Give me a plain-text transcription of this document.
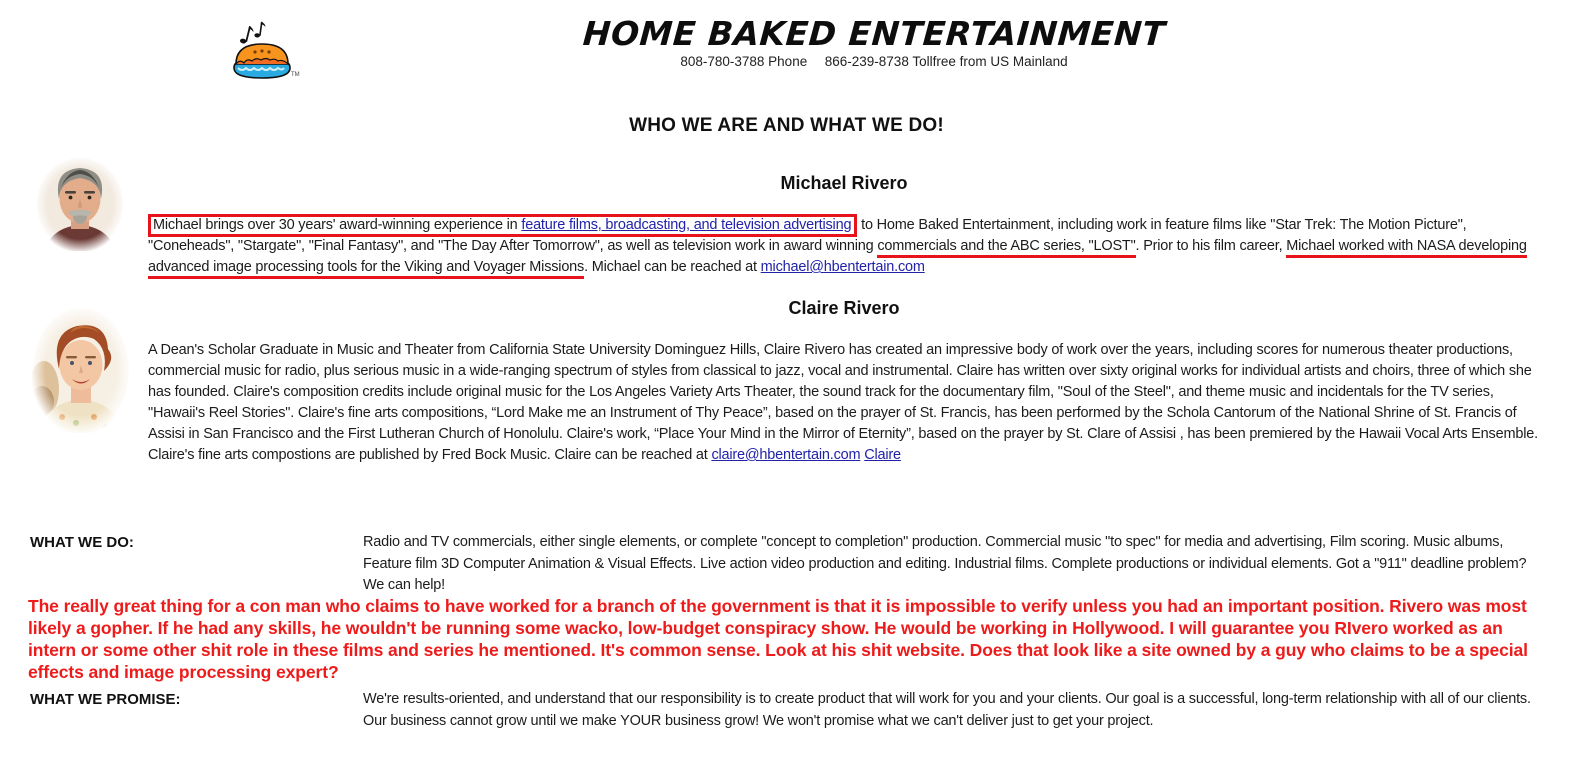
TM
HOME BAKED ENTERTAINMENT
808-780-3788 Phone 866-239-8738 Tollfree from US Mainland
WHO WE ARE AND WHAT WE DO!
Michael Rivero

Michael brings over 30 years' award-winning experience in feature films, broadcasting, and television advertising to Home Baked Entertainment, including work in feature films like "Star Trek: The Motion Picture", "Coneheads", "Stargate", "Final Fantasy", and "The Day After Tomorrow", as well as television work in award winning commercials and the ABC series, "LOST". Prior to his film career, Michael worked with NASA developing advanced image processing tools for the Viking and Voyager Missions. Michael can be reached at michael@hbentertain.com

Claire Rivero

A Dean's Scholar Graduate in Music and Theater from California State University Dominguez Hills, Claire Rivero has created an impressive body of work over the years, including scores for numerous theater productions, commercial music for radio, plus serious music in a wide-ranging spectrum of styles from classical to jazz, vocal and instrumental. Claire has written over sixty original works for individual artists and choirs, three of which she has founded. Claire's composition credits include original music for the Los Angeles Variety Arts Theater, the sound track for the documentary film, "Soul of the Steel", and theme music and incidentals for the TV series, "Hawaii's Reel Stories". Claire's fine arts compositions, “Lord Make me an Instrument of Thy Peace”, based on the prayer of St. Francis, has been performed by the Schola Cantorum of the National Shrine of St. Francis of Assisi in San Francisco and the First Lutheran Church of Honolulu. Claire's work, “Place Your Mind in the Mirror of Eternity”, based on the prayer by St. Clare of Assisi , has been premiered by the Hawaii Vocal Arts Ensemble. Claire's fine arts compostions are published by Fred Bock Music. Claire can be reached at claire@hbentertain.com Claire

WHAT WE DO:	Radio and TV commercials, either single elements, or complete "concept to completion" production. Commercial music "to spec" for media and advertising, Film scoring. Music albums, Feature film 3D Computer Animation & Visual Effects. Live action video production and editing. Industrial films. Complete productions or individual elements. Got a "911" deadline problem? We can help!

The really great thing for a con man who claims to have worked for a branch of the government is that it is impossible to verify unless you had an important position. Rivero was most likely a gopher. If he had any skills, he wouldn't be running some wacko, low-budget conspiracy show. He would be working in Hollywood. I will guarantee you RIvero worked as an intern or some other shit role in these films and series he mentioned. It's common sense. Look at his shit website. Does that look like a site owned by a guy who claims to be a special effects and image processing expert?

WHAT WE PROMISE:	We're results-oriented, and understand that our responsibility is to create product that will work for you and your clients. Our goal is a successful, long-term relationship with all of our clients. Our business cannot grow until we make YOUR business grow! We won't promise what we can't deliver just to get your project.
